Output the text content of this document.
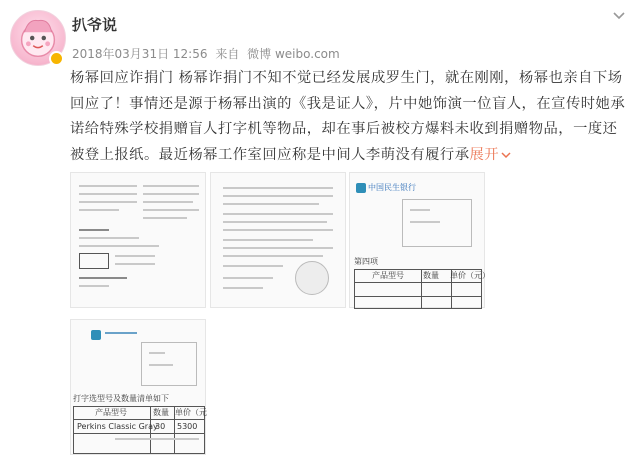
扒爷说
2018年03月31日 12:56 来自 微博 weibo.com
杨幂回应诈捐门 杨幂诈捐门不知不觉已经发展成罗生门，就在刚刚，杨幂也亲自下场回应了！事情还是源于杨幂出演的《我是证人》，片中她饰演一位盲人，在宣传时她承诺给特殊学校捐赠盲人打字机等物品，却在事后被校方爆料未收到捐赠物品，一度还被登上报纸。最近杨幂工作室回应称是中间人李萌没有履行承展开
中国民生银行
第四项
产品型号 数量 单价（元）
打字选型号及数量清单如下
产品型号	数量 单价（元
Perkins Classic Gray
30 5300
